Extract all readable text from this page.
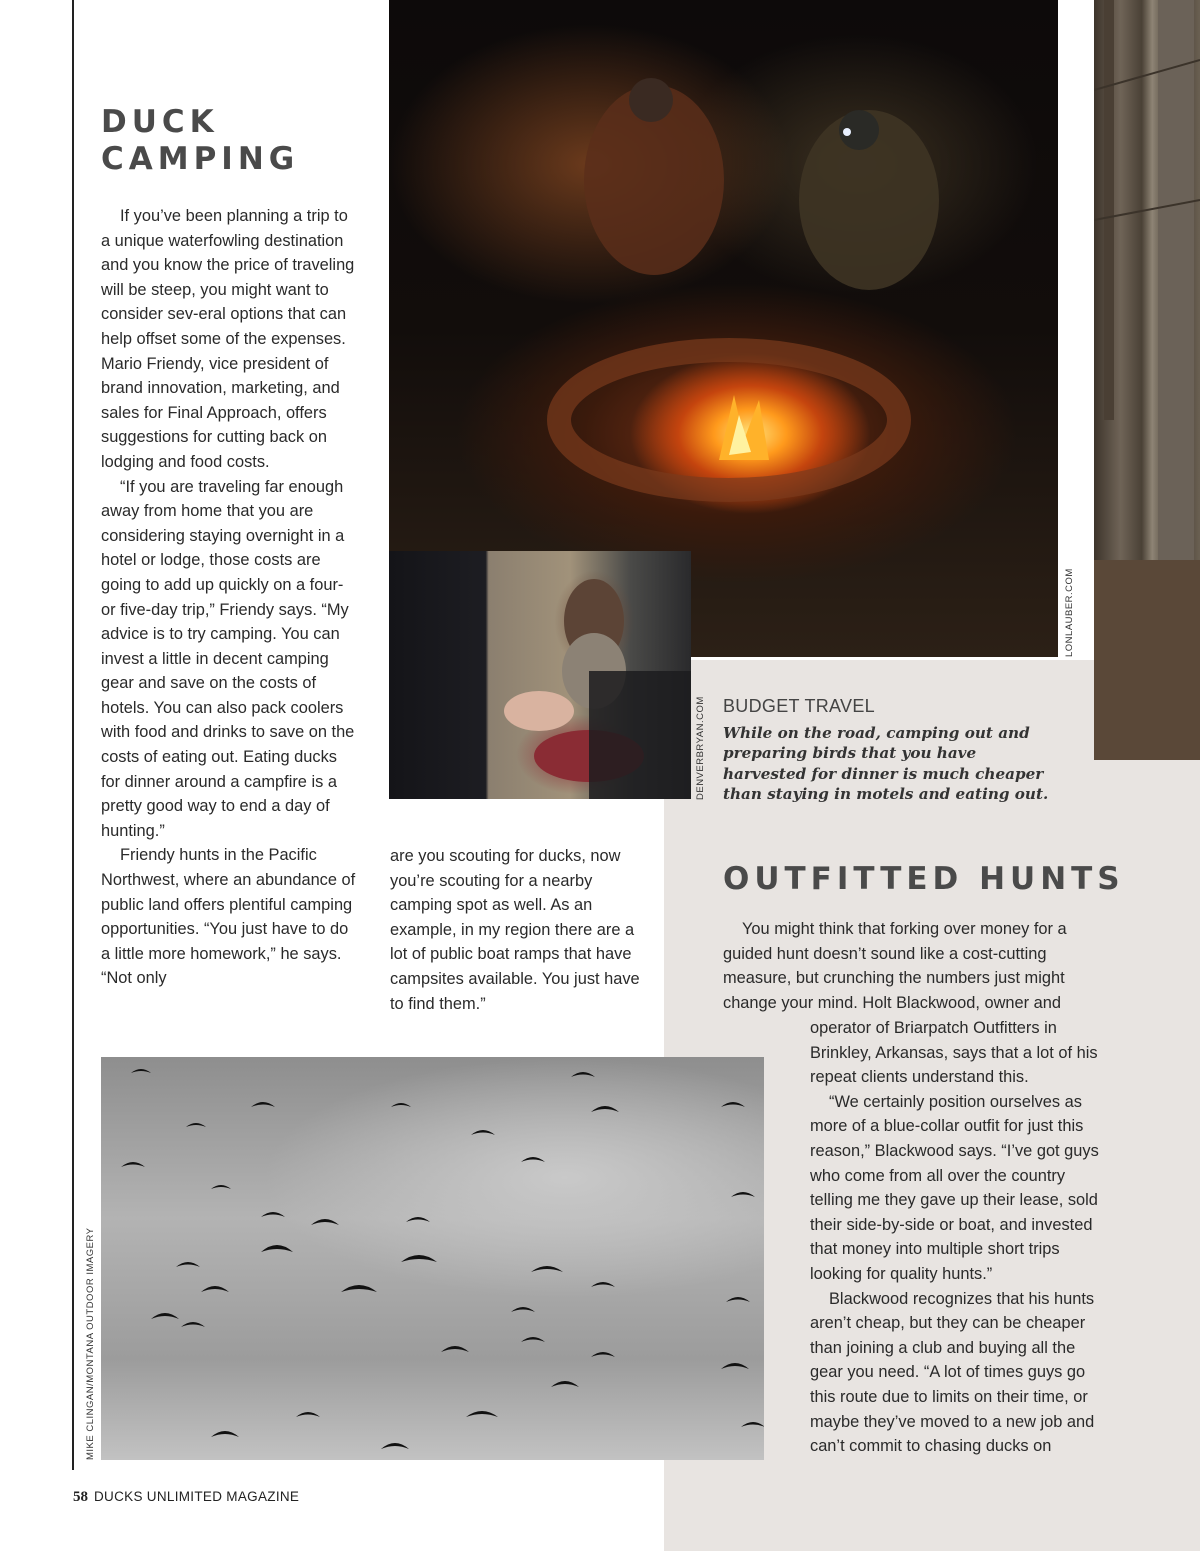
LONLAUBER.COM
DENVERBRYAN.COM
MIKE CLINGAN/MONTANA OUTDOOR IMAGERY
DUCK CAMPING

If you’ve been planning a trip to a unique waterfowling destination and you know the price of traveling will be steep, you might want to consider sev-eral options that can help offset some of the expenses. Mario Friendy, vice president of brand innovation, marketing, and sales for Final Approach, offers suggestions for cutting back on lodging and food costs.

“If you are traveling far enough away from home that you are considering staying overnight in a hotel or lodge, those costs are going to add up quickly on a four- or five-day trip,” Friendy says. “My advice is to try camping. You can invest a little in decent camping gear and save on the costs of hotels. You can also pack coolers with food and drinks to save on the costs of eating out. Eating ducks for dinner around a campfire is a pretty good way to end a day of hunting.”

Friendy hunts in the Pacific Northwest, where an abundance of public land offers plentiful camping opportunities. “You just have to do a little more homework,” he says. “Not only

are you scouting for ducks, now you’re scouting for a nearby camping spot as well. As an example, in my region there are a lot of public boat ramps that have campsites available. You just have to find them.”

BUDGET TRAVEL

While on the road, camping out and preparing birds that you have harvested for dinner is much cheaper than staying in motels and eating out.

OUTFITTED HUNTS

You might think that forking over money for a guided hunt doesn’t sound like a cost-cutting measure, but crunching the numbers just might change your mind. Holt Blackwood, owner and

operator of Briarpatch Outfitters in Brinkley, Arkansas, says that a lot of his repeat clients understand this.

“We certainly position ourselves as more of a blue-collar outfit for just this reason,” Blackwood says. “I’ve got guys who come from all over the country telling me they gave up their lease, sold their side-by-side or boat, and invested that money into multiple short trips looking for quality hunts.”

Blackwood recognizes that his hunts aren’t cheap, but they can be cheaper than joining a club and buying all the gear you need. “A lot of times guys go this route due to limits on their time, or maybe they’ve moved to a new job and can’t commit to chasing ducks on

58 DUCKS UNLIMITED MAGAZINE
